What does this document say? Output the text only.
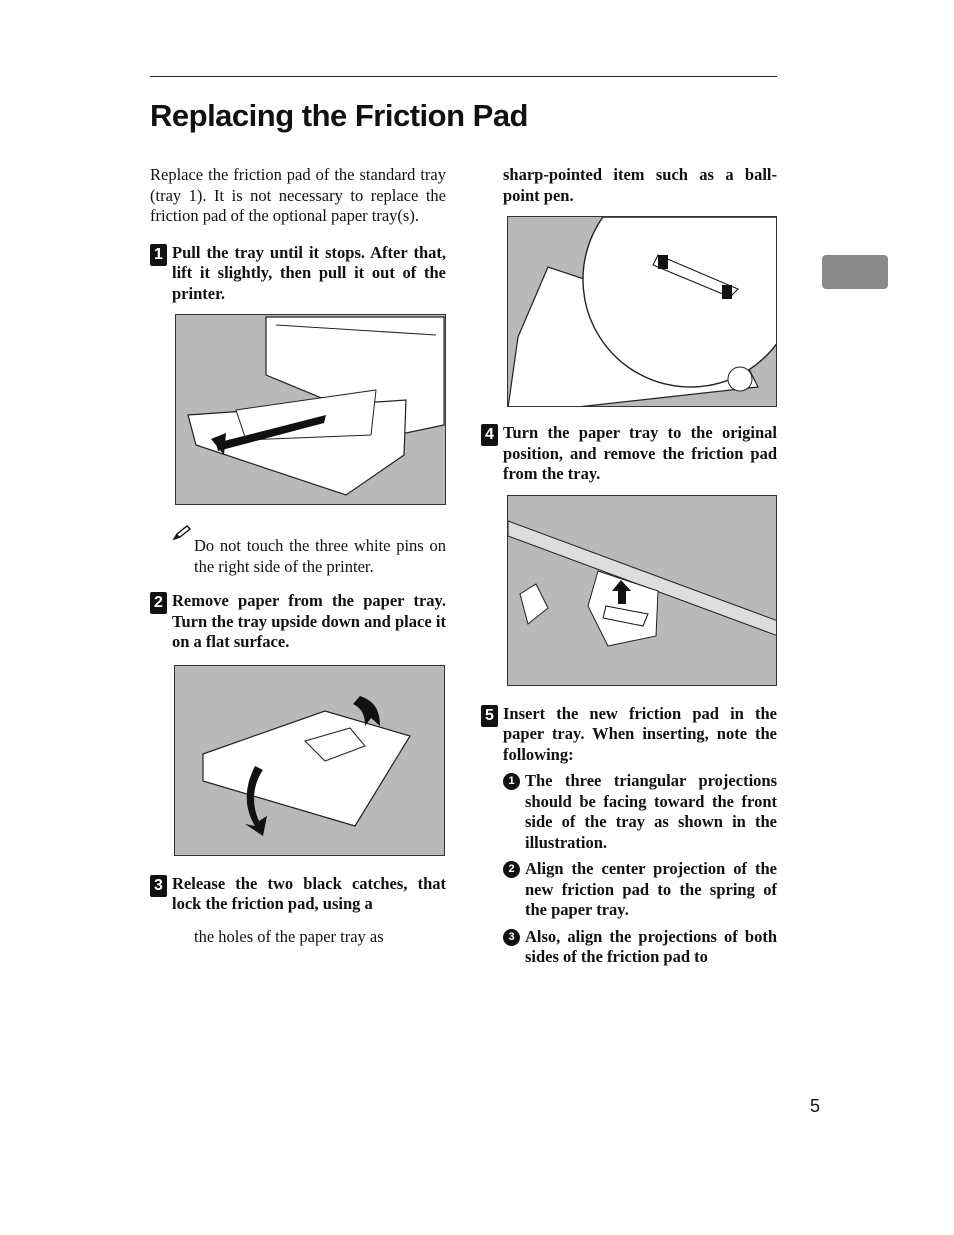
Replacing the Friction Pad

Replace the friction pad of the standard tray (tray 1). It is not necessary to replace the friction pad of the optional paper tray(s).

1 Pull the tray until it stops. After that, lift it slightly, then pull it out of the printer.

Do not touch the three white pins on the right side of the printer.

2 Remove paper from the paper tray. Turn the tray upside down and place it on a flat surface.

3 Release the two black catches, that lock the friction pad, using a

the holes of the paper tray as

sharp-pointed item such as a ball-point pen.

4 Turn the paper tray to the original position, and remove the friction pad from the tray.

5 Insert the new friction pad in the paper tray. When inserting, note the following:

1 The three triangular projections should be facing toward the front side of the tray as shown in the illustration.

2 Align the center projection of the new friction pad to the spring of the paper tray.

3 Also, align the projections of both sides of the friction pad to

5
